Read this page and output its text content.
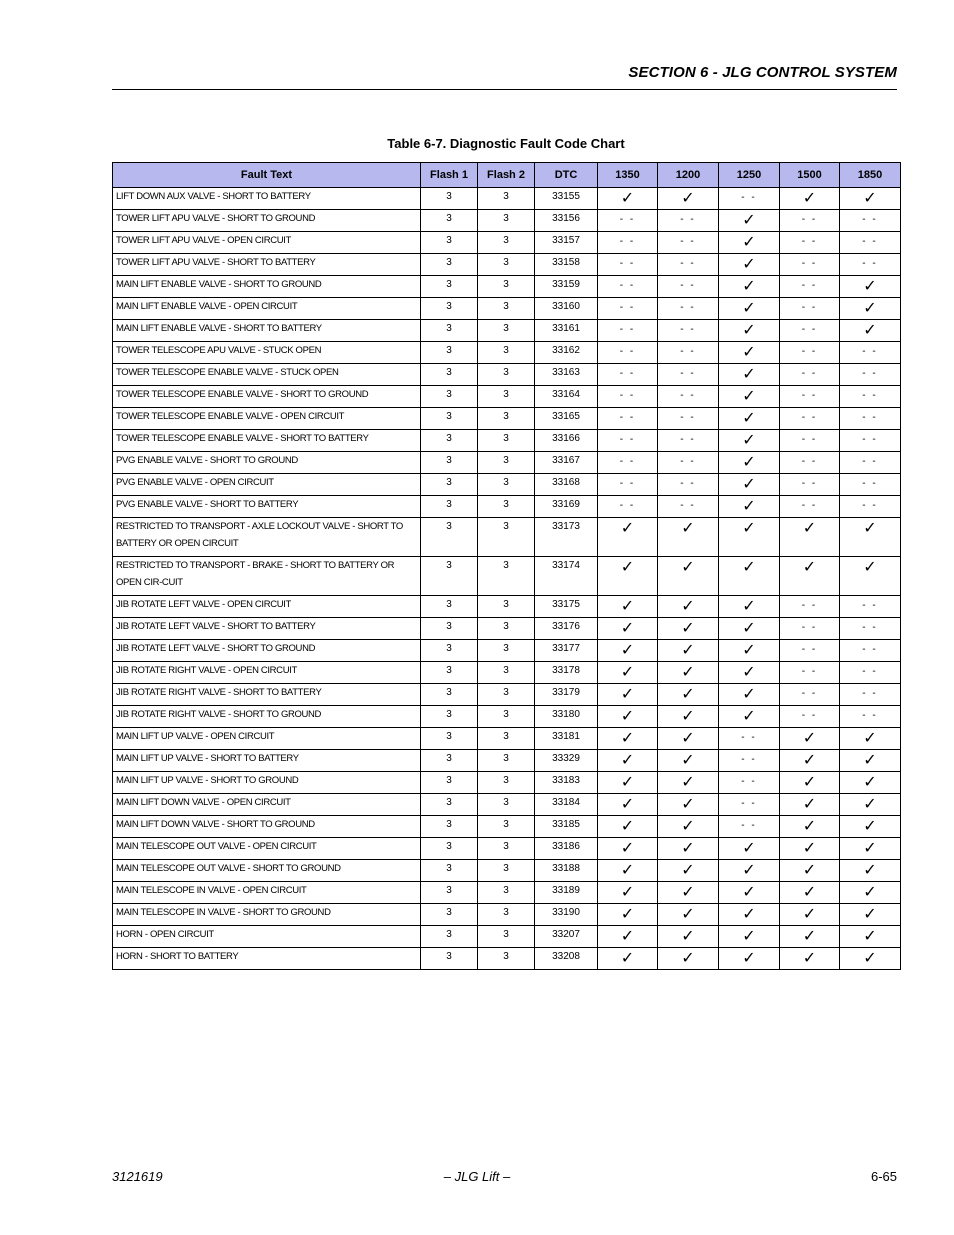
SECTION 6 - JLG CONTROL SYSTEM
Table 6-7. Diagnostic Fault Code Chart
Fault Text	Flash 1	Flash 2	DTC	1350	1200	1250	1500	1850
LIFT DOWN AUX VALVE - SHORT TO BATTERY	3	3	33155	✓	✓	- -	✓	✓
TOWER LIFT APU VALVE - SHORT TO GROUND	3	3	33156	- -	- -	✓	- -	- -
TOWER LIFT APU VALVE - OPEN CIRCUIT	3	3	33157	- -	- -	✓	- -	- -
TOWER LIFT APU VALVE - SHORT TO BATTERY	3	3	33158	- -	- -	✓	- -	- -
MAIN LIFT ENABLE VALVE - SHORT TO GROUND	3	3	33159	- -	- -	✓	- -	✓
MAIN LIFT ENABLE VALVE - OPEN CIRCUIT	3	3	33160	- -	- -	✓	- -	✓
MAIN LIFT ENABLE VALVE - SHORT TO BATTERY	3	3	33161	- -	- -	✓	- -	✓
TOWER TELESCOPE APU VALVE - STUCK OPEN	3	3	33162	- -	- -	✓	- -	- -
TOWER TELESCOPE ENABLE VALVE - STUCK OPEN	3	3	33163	- -	- -	✓	- -	- -
TOWER TELESCOPE ENABLE VALVE - SHORT TO GROUND	3	3	33164	- -	- -	✓	- -	- -
TOWER TELESCOPE ENABLE VALVE - OPEN CIRCUIT	3	3	33165	- -	- -	✓	- -	- -
TOWER TELESCOPE ENABLE VALVE - SHORT TO BATTERY	3	3	33166	- -	- -	✓	- -	- -
PVG ENABLE VALVE - SHORT TO GROUND	3	3	33167	- -	- -	✓	- -	- -
PVG ENABLE VALVE - OPEN CIRCUIT	3	3	33168	- -	- -	✓	- -	- -
PVG ENABLE VALVE - SHORT TO BATTERY	3	3	33169	- -	- -	✓	- -	- -
RESTRICTED TO TRANSPORT - AXLE LOCKOUT VALVE - SHORT TO BATTERY OR OPEN CIRCUIT	3	3	33173	✓	✓	✓	✓	✓
RESTRICTED TO TRANSPORT - BRAKE - SHORT TO BATTERY OR OPEN CIR-CUIT	3	3	33174	✓	✓	✓	✓	✓
JIB ROTATE LEFT VALVE - OPEN CIRCUIT	3	3	33175	✓	✓	✓	- -	- -
JIB ROTATE LEFT VALVE - SHORT TO BATTERY	3	3	33176	✓	✓	✓	- -	- -
JIB ROTATE LEFT VALVE - SHORT TO GROUND	3	3	33177	✓	✓	✓	- -	- -
JIB ROTATE RIGHT VALVE - OPEN CIRCUIT	3	3	33178	✓	✓	✓	- -	- -
JIB ROTATE RIGHT VALVE - SHORT TO BATTERY	3	3	33179	✓	✓	✓	- -	- -
JIB ROTATE RIGHT VALVE - SHORT TO GROUND	3	3	33180	✓	✓	✓	- -	- -
MAIN LIFT UP VALVE - OPEN CIRCUIT	3	3	33181	✓	✓	- -	✓	✓
MAIN LIFT UP VALVE - SHORT TO BATTERY	3	3	33329	✓	✓	- -	✓	✓
MAIN LIFT UP VALVE - SHORT TO GROUND	3	3	33183	✓	✓	- -	✓	✓
MAIN LIFT DOWN VALVE - OPEN CIRCUIT	3	3	33184	✓	✓	- -	✓	✓
MAIN LIFT DOWN VALVE - SHORT TO GROUND	3	3	33185	✓	✓	- -	✓	✓
MAIN TELESCOPE OUT VALVE - OPEN CIRCUIT	3	3	33186	✓	✓	✓	✓	✓
MAIN TELESCOPE OUT VALVE - SHORT TO GROUND	3	3	33188	✓	✓	✓	✓	✓
MAIN TELESCOPE IN VALVE - OPEN CIRCUIT	3	3	33189	✓	✓	✓	✓	✓
MAIN TELESCOPE IN VALVE - SHORT TO GROUND	3	3	33190	✓	✓	✓	✓	✓
HORN - OPEN CIRCUIT	3	3	33207	✓	✓	✓	✓	✓
HORN - SHORT TO BATTERY	3	3	33208	✓	✓	✓	✓	✓
3121619	– JLG Lift –	6-65
